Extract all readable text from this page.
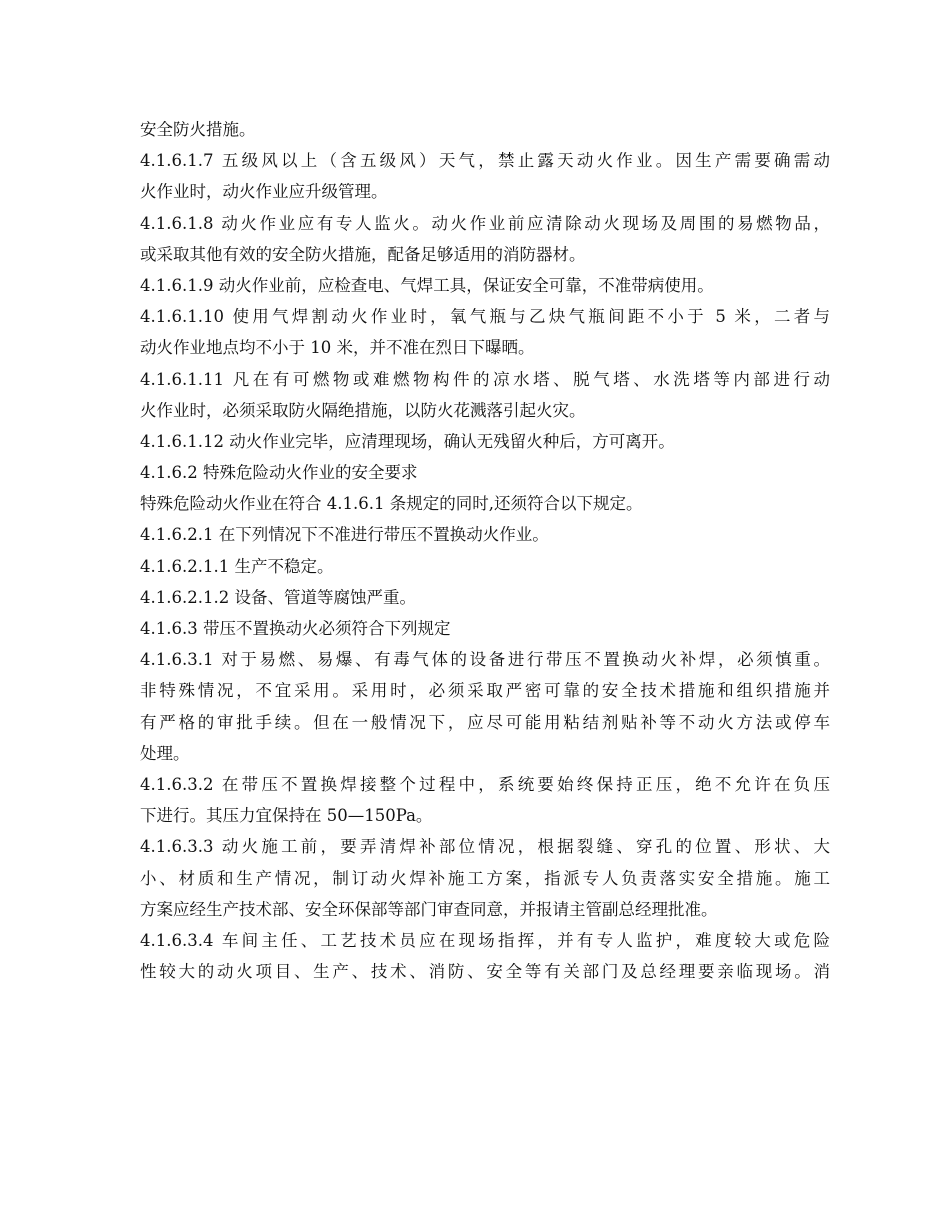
安全防火措施。
4.1.6.1.7 五级风以上（含五级风）天气，禁止露天动火作业。因生产需要确需动
火作业时，动火作业应升级管理。
4.1.6.1.8 动火作业应有专人监火。动火作业前应清除动火现场及周围的易燃物品，
或采取其他有效的安全防火措施，配备足够适用的消防器材。
4.1.6.1.9 动火作业前，应检查电、气焊工具，保证安全可靠，不准带病使用。
4.1.6.1.10 使用气焊割动火作业时，氧气瓶与乙炔气瓶间距不小于 5 米，二者与
动火作业地点均不小于 10 米，并不准在烈日下曝晒。
4.1.6.1.11 凡在有可燃物或难燃物构件的凉水塔、脱气塔、水洗塔等内部进行动
火作业时，必须采取防火隔绝措施，以防火花溅落引起火灾。
4.1.6.1.12 动火作业完毕，应清理现场，确认无残留火种后，方可离开。
4.1.6.2 特殊危险动火作业的安全要求
特殊危险动火作业在符合 4.1.6.1 条规定的同时,还须符合以下规定。
4.1.6.2.1 在下列情况下不准进行带压不置换动火作业。
4.1.6.2.1.1 生产不稳定。
4.1.6.2.1.2 设备、管道等腐蚀严重。
4.1.6.3 带压不置换动火必须符合下列规定
4.1.6.3.1 对于易燃、易爆、有毒气体的设备进行带压不置换动火补焊，必须慎重。
非特殊情况，不宜采用。采用时，必须采取严密可靠的安全技术措施和组织措施并
有严格的审批手续。但在一般情况下，应尽可能用粘结剂贴补等不动火方法或停车
处理。
4.1.6.3.2 在带压不置换焊接整个过程中，系统要始终保持正压，绝不允许在负压
下进行。其压力宜保持在 50—150Pa。
4.1.6.3.3 动火施工前，要弄清焊补部位情况，根据裂缝、穿孔的位置、形状、大
小、材质和生产情况，制订动火焊补施工方案，指派专人负责落实安全措施。施工
方案应经生产技术部、安全环保部等部门审查同意，并报请主管副总经理批准。
4.1.6.3.4 车间主任、工艺技术员应在现场指挥，并有专人监护，难度较大或危险
性较大的动火项目、生产、技术、消防、安全等有关部门及总经理要亲临现场。消
